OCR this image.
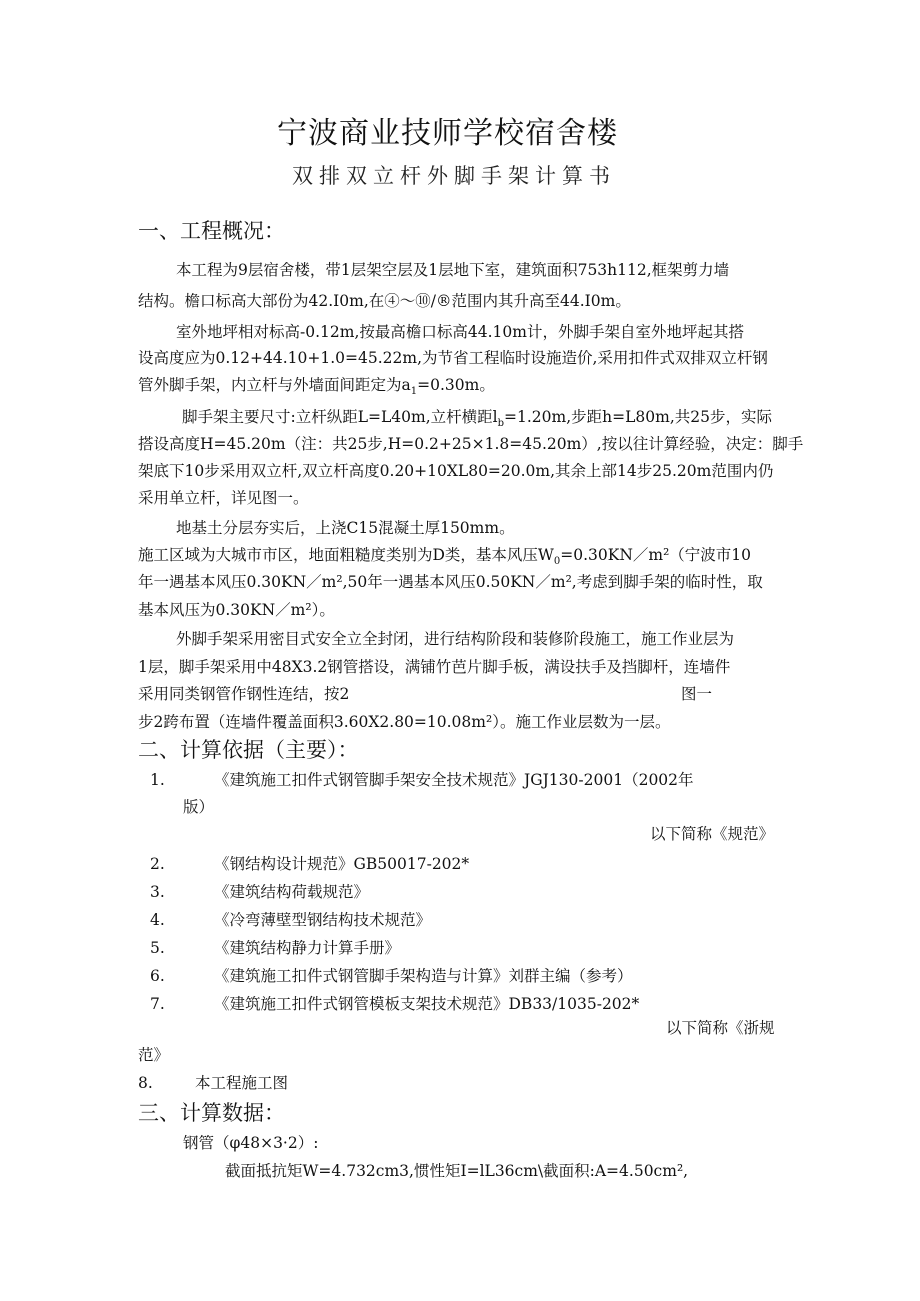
宁波商业技师学校宿舍楼
双排双立杆外脚手架计算书
一、工程概况：
本工程为9层宿舍楼，带1层架空层及1层地下室，建筑面积753h112,框架剪力墙
结构。檐口标高大部份为42.I0m,在④～⑩/®范围内其升高至44.I0m。
室外地坪相对标高-0.12m,按最高檐口标高44.10m计，外脚手架自室外地坪起其搭
设高度应为0.12+44.10+1.0=45.22m,为节省工程临时设施造价,采用扣件式双排双立杆钢
管外脚手架，内立杆与外墙面间距定为$a_1=0.30m$。
脚手架主要尺寸:立杆纵距L=L40m,立杆横距$l_b=1.20m$,步距h=L80m,共25步，实际
搭设高度H=45.20m（注：共25步,H=0.2+25×1.8=45.20m）,按以往计算经验，决定：脚手
架底下10步采用双立杆,双立杆高度0.20+10XL80=20.0m,其余上部14步25.20m范围内仍
采用单立杆，详见图一。
地基土分层夯实后，上浇C15混凝土厚150mm。
施工区域为大城市市区，地面粗糙度类别为D类，基本风压$W_0=0.30KN/m^2$（宁波市10
年一遇基本风压0.30KN／m²,50年一遇基本风压0.50KN／m²,考虑到脚手架的临时性，取
基本风压为0.30KN／m²）。
外脚手架采用密目式安全立全封闭，进行结构阶段和装修阶段施工，施工作业层为
1层，脚手架采用中48X3.2钢管搭设，满铺竹芭片脚手板，满设扶手及挡脚杆，连墙件
采用同类钢管作钢性连结，按2	图一
步2跨布置（连墙件覆盖面积3.60X2.80=10.08m²）。施工作业层数为一层。
二、计算依据（主要）：
1.	《建筑施工扣件式钢管脚手架安全技术规范》JGJ130-2001（2002年
版）
以下简称《规范》
2.	《钢结构设计规范》GB50017-202*
3.	《建筑结构荷载规范》
4.	《冷弯薄壁型钢结构技术规范》
5.	《建筑结构静力计算手册》
6.	《建筑施工扣件式钢管脚手架构造与计算》刘群主编（参考）
7.	《建筑施工扣件式钢管模板支架技术规范》DB33/1035-202*
以下简称《浙规
范》
8.	本工程施工图
三、计算数据：
钢管（φ48×3·2）:
截面抵抗矩W=4.732cm3,惯性矩I=lL36cm\截面积:A=4.50cm²,
